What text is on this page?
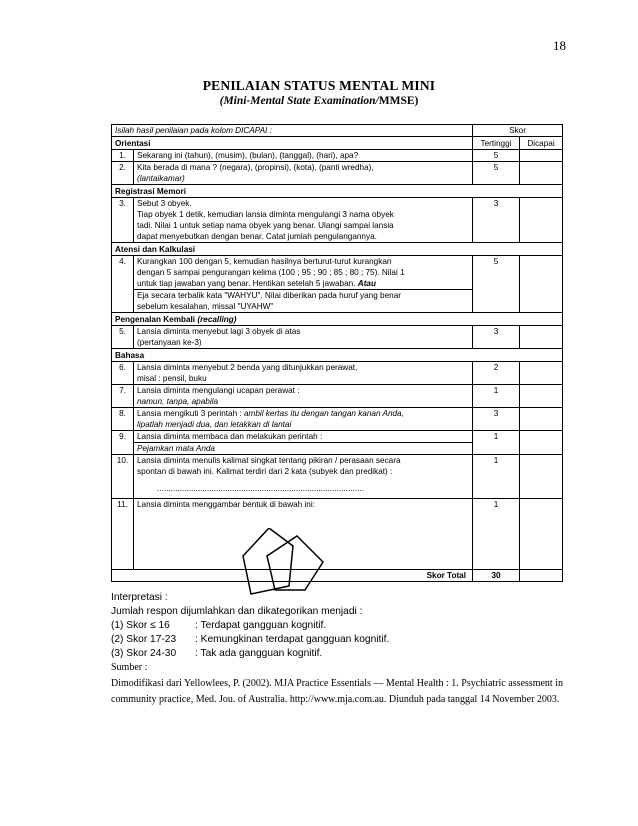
18
PENILAIAN STATUS MENTAL MINI
(Mini-Mental State Examination/MMSE)
Isilah hasil penilaian pada kolom DICAPAI :		Skor	
Orientasi		Tertinggi	Dicapai
1.	Sekarang ini (tahun), (musim), (bulan), (tanggal), (hari), apa?	5	
2.	Kita berada di mana ? (negara), (propinsi), (kota), (panti wredha),
(lantaikamar)	5	
Registrasi Memori			
3.	Sebut 3 obyek.
Tiap obyek 1 detik, kemudian lansia diminta mengulangi 3 nama obyek
tadi. Nilai 1 untuk setiap nama obyek yang benar. Ulangi sampai lansia
dapat menyebutkan dengan benar. Catat jumlah pengulangannya.	3	
Atensi dan Kalkulasi			
4.	Kurangkan 100 dengan 5, kemudian hasilnya berturut-turut kurangkan
dengan 5 sampai pengurangan kelima (100 ; 95 ; 90 ; 85 ; 80 ; 75). Nilai 1
untuk tiap jawaban yang benar. Hentikan setelah 5 jawaban. Atau
Eja secara terbalik kata "WAHYU". Nilai diberikan pada huruf yang benar
sebelum kesalahan, missal "UYAHW"	5	
Pengenalan Kembali (recalling)			
5.	Lansia diminta menyebut lagi 3 obyek di atas
(pertanyaan ke-3)	3	
Bahasa			
6.	Lansia diminta menyebut 2 benda yang ditunjukkan perawat,
misal : pensil, buku	2	
7.	Lansia diminta mengulangi ucapan perawat :
namun, tanpa, apabila	1	
8.	Lansia mengikuti 3 perintah : ambil kertas itu dengan tangan kanan Anda,
lipatlah menjadi dua, dan letakkan di lantai	3	
9.	Lansia diminta membaca dan melakukan perintah :
Pejamkan mata Anda	1	
10.	Lansia diminta menulis kalimat singkat tentang pikiran / perasaan secara
spontan di bawah ini. Kalimat terdiri dari 2 kata (subyek dan predikat) :

...........................................................................................	1	
11.	Lansia diminta menggambar bentuk di bawah ini:	1	
Skor Total		30	
Interpretasi :
Jumlah respon dijumlahkan dan dikategorikan menjadi :
(1) Skor ≤ 16	: Terdapat gangguan kognitif.
(2) Skor 17-23	: Kemungkinan terdapat gangguan kognitif.
(3) Skor 24-30	: Tak ada gangguan kognitif.
Sumber :
Dimodifikasi dari Yellowlees, P. (2002). MJA Practice Essentials — Mental Health : 1. Psychiatric assessment in community practice, Med. Jou. of Australia. http://www.mja.com.au. Diunduh pada tanggal 14 November 2003.
